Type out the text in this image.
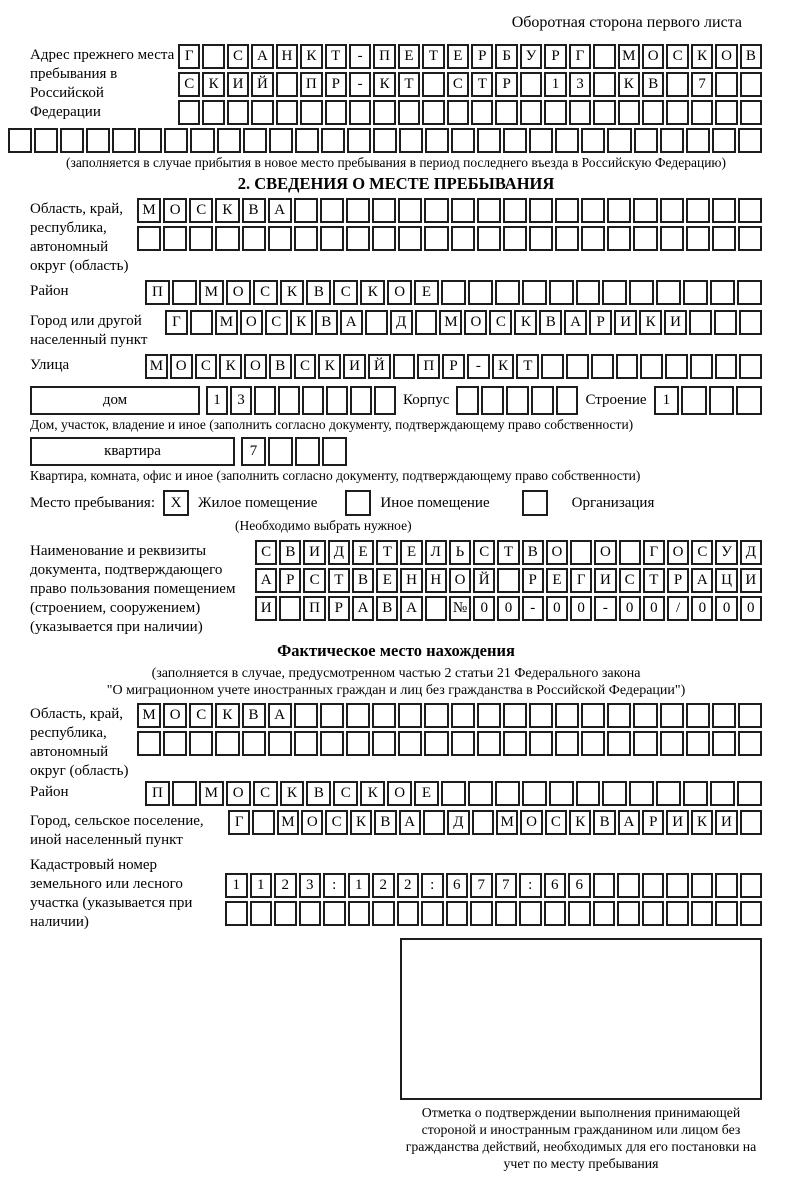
Оборотная сторона первого листа
Адрес прежнего места пребывания в Российской Федерации
Г	С А Н К Т	-	П Е	Т	Е	Р	Б У Р	Г	М О С К О В
С К И Й	П Р	-	К Т	С Т	Р	1	3	К В	7
(заполняется в случае прибытия в новое место пребывания в период последнего въезда в Российскую Федерацию)
2. СВЕДЕНИЯ О МЕСТЕ ПРЕБЫВАНИЯ
Область, край, республика, автономный округ (область)
М О	С	К	В	А
Район	П	М О	С	К	В	С	К	О	Е
Город или другой населенный пункт
Г	М О С К В А	Д	М О С К В А	Р	И К И
Улица	М О С К О В С К И Й	П	Р	-	К	Т
дом	1	3	Корпус	Строение	1
Дом, участок, владение и иное (заполнить согласно документу, подтверждающему право собственности)
квартира	7
Квартира, комната, офис и иное (заполнить согласно документу, подтверждающему право собственности)
Место пребывания:	X	Жилое помещение	Иное помещение	Организация
(Необходимо выбрать нужное)
Наименование и реквизиты документа, подтверждающего право пользования помещением (строением, сооружением) (указывается при наличии)
С В И Д Е	Т	Е Л Ь С Т В О	О	Г О С У Д
А Р	С Т В Е Н Н О Й	Р	Е	Г И С Т	Р А Ц И
И	П Р А В А	№ 0	0	-	0	0	-	0	0	/	0	0	0
Фактическое место нахождения
(заполняется в случае, предусмотренном частью 2 статьи 21 Федерального закона
"О миграционном учете иностранных граждан и лиц без гражданства в Российской Федерации")
Область, край, республика, автономный округ (область)
М О	С	К	В	А
Район	П	М О	С	К	В	С	К	О	Е
Город, сельское поселение, иной населенный пункт
Г	М О С К В А	Д	М О С К В А Р И К И
Кадастровый номер земельного или лесного участка (указывается при наличии)
1	1	2	3	:	1	2	2	:	6	7	7	:	6	6
Отметка о подтверждении выполнения принимающей стороной и иностранным гражданином или лицом без гражданства действий, необходимых для его постановки на учет по месту пребывания
